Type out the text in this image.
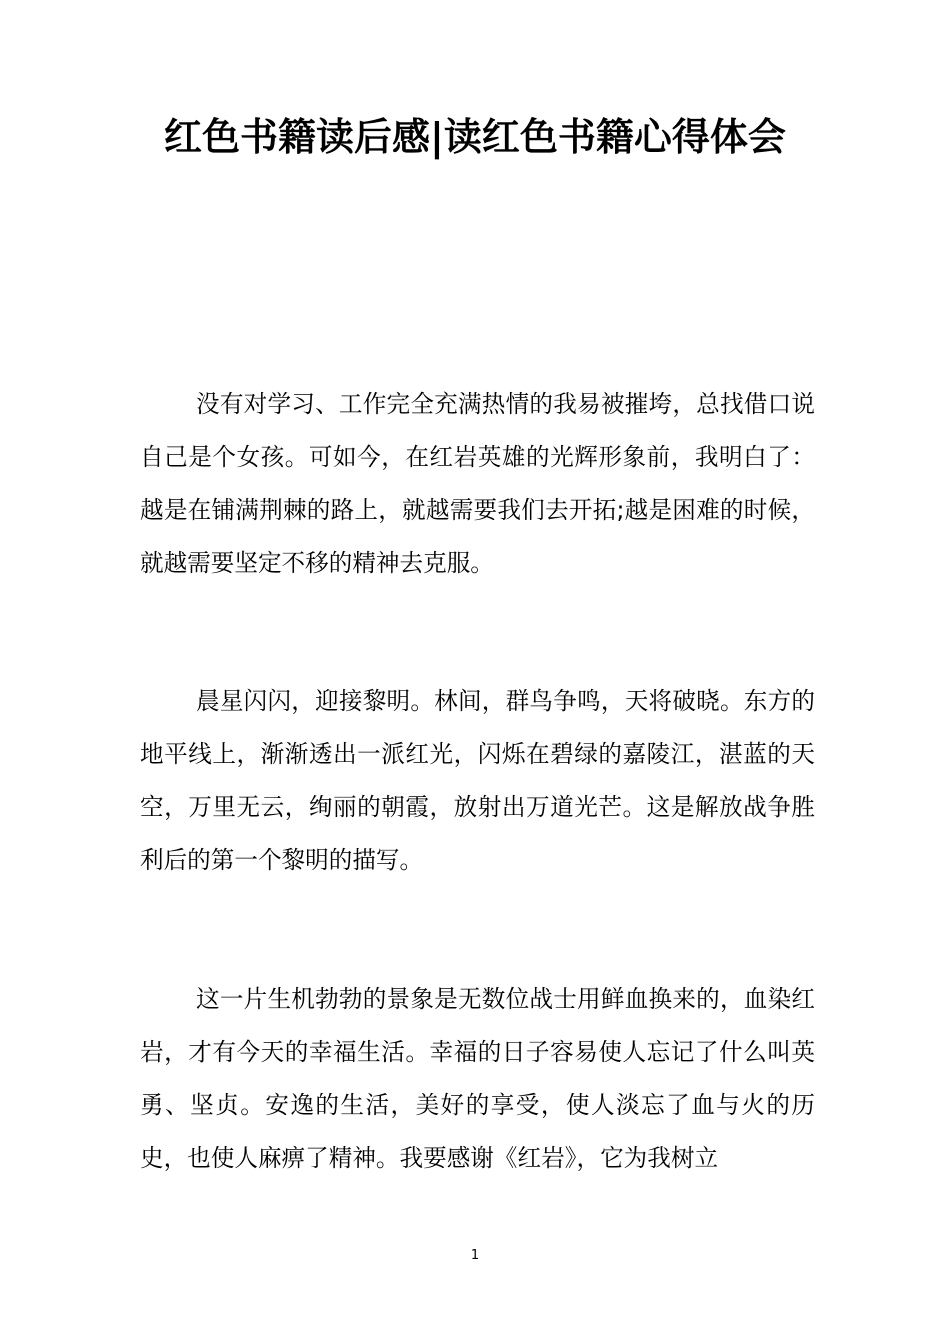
红色书籍读后感|读红色书籍心得体会

没有对学习、工作完全充满热情的我易被摧垮，总找借口说自己是个女孩。可如今，在红岩英雄的光辉形象前，我明白了：越是在铺满荆棘的路上，就越需要我们去开拓;越是困难的时候，就越需要坚定不移的精神去克服。

晨星闪闪，迎接黎明。林间，群鸟争鸣，天将破晓。东方的地平线上，渐渐透出一派红光，闪烁在碧绿的嘉陵江，湛蓝的天空，万里无云，绚丽的朝霞，放射出万道光芒。这是解放战争胜利后的第一个黎明的描写。

这一片生机勃勃的景象是无数位战士用鲜血换来的，血染红岩，才有今天的幸福生活。幸福的日子容易使人忘记了什么叫英勇、坚贞。安逸的生活，美好的享受，使人淡忘了血与火的历史，也使人麻痹了精神。我要感谢《红岩》，它为我树立

1
